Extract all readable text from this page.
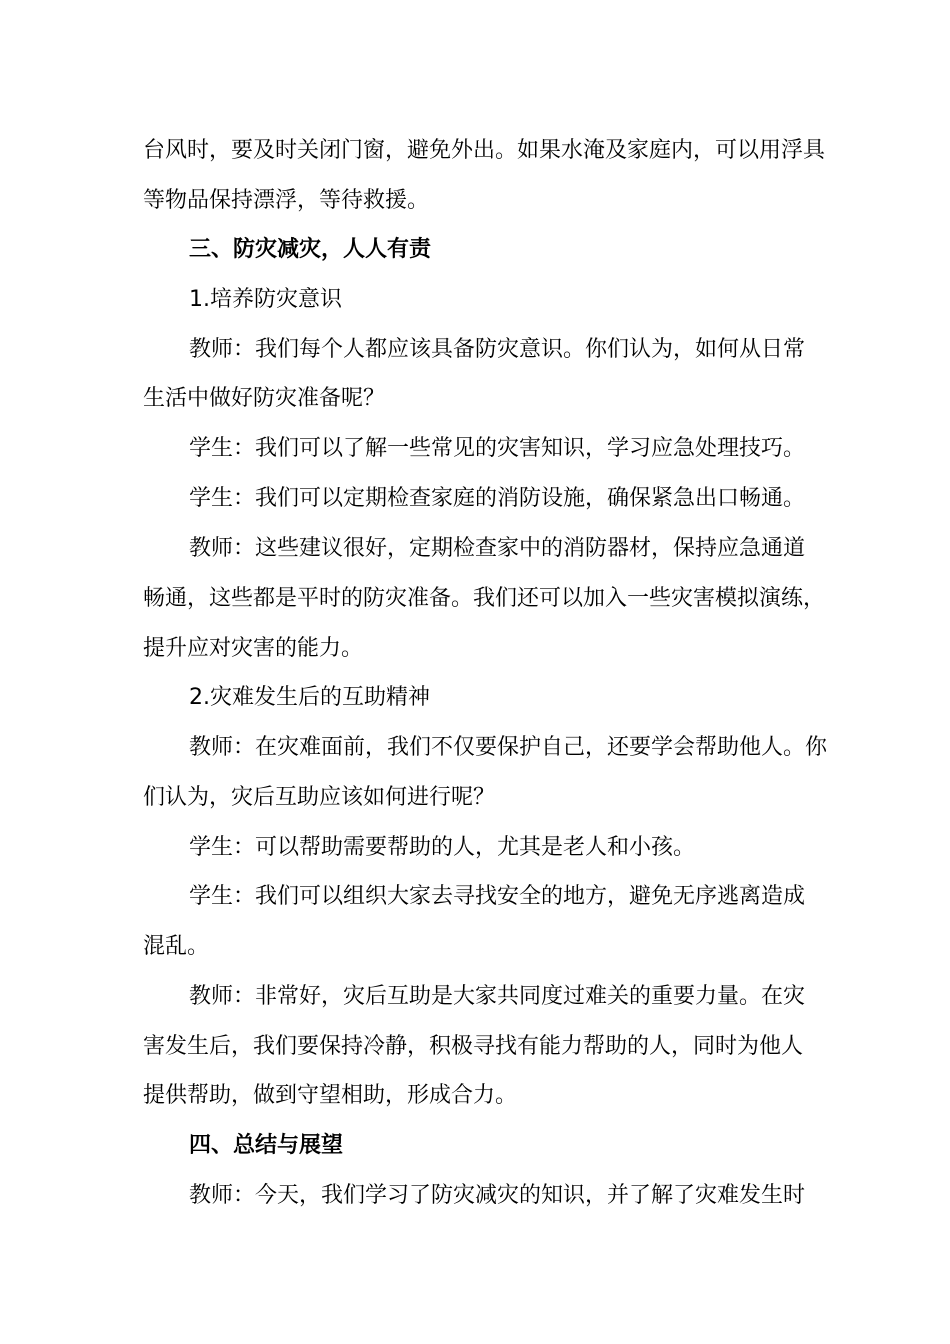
台风时，要及时关闭门窗，避免外出。如果水淹及家庭内，可以用浮具
等物品保持漂浮，等待救援。
三、防灾减灾，人人有责
1.培养防灾意识
教师：我们每个人都应该具备防灾意识。你们认为，如何从日常
生活中做好防灾准备呢？
学生：我们可以了解一些常见的灾害知识，学习应急处理技巧。
学生：我们可以定期检查家庭的消防设施，确保紧急出口畅通。
教师：这些建议很好，定期检查家中的消防器材，保持应急通道
畅通，这些都是平时的防灾准备。我们还可以加入一些灾害模拟演练，
提升应对灾害的能力。
2.灾难发生后的互助精神
教师：在灾难面前，我们不仅要保护自己，还要学会帮助他人。你
们认为，灾后互助应该如何进行呢？
学生：可以帮助需要帮助的人，尤其是老人和小孩。
学生：我们可以组织大家去寻找安全的地方，避免无序逃离造成
混乱。
教师：非常好，灾后互助是大家共同度过难关的重要力量。在灾
害发生后，我们要保持冷静，积极寻找有能力帮助的人，同时为他人
提供帮助，做到守望相助，形成合力。
四、总结与展望
教师：今天，我们学习了防灾减灾的知识，并了解了灾难发生时
